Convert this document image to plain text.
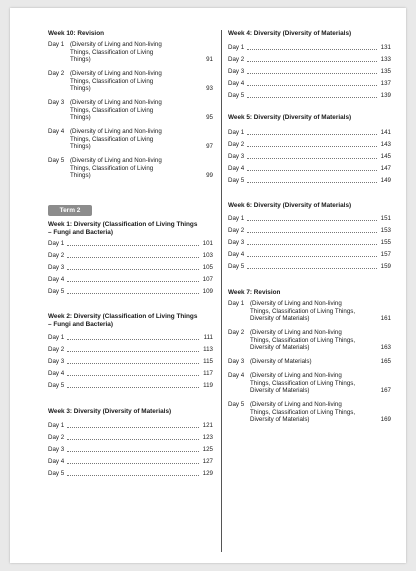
Week 10: Revision
Day 1 (Diversity of Living and Non-living
Things, Classification of Living
Things)	91
Day 2 (Diversity of Living and Non-living
Things, Classification of Living
Things)	93
Day 3 (Diversity of Living and Non-living
Things, Classification of Living
Things)	95
Day 4 (Diversity of Living and Non-living
Things, Classification of Living
Things)	97
Day 5 (Diversity of Living and Non-living
Things, Classification of Living
Things)	99
Term 2
Week 1: Diversity (Classification of Living Things
– Fungi and Bacteria)
Day 1	101
Day 2	103
Day 3	105
Day 4	107
Day 5	109
Week 2: Diversity (Classification of Living Things
– Fungi and Bacteria)
Day 1	111
Day 2	113
Day 3	115
Day 4	117
Day 5	119
Week 3: Diversity (Diversity of Materials)
Day 1	121
Day 2	123
Day 3	125
Day 4	127
Day 5	129
Week 4: Diversity (Diversity of Materials)
Day 1	131
Day 2	133
Day 3	135
Day 4	137
Day 5	139
Week 5: Diversity (Diversity of Materials)
Day 1	141
Day 2	143
Day 3	145
Day 4	147
Day 5	149
Week 6: Diversity (Diversity of Materials)
Day 1	151
Day 2	153
Day 3	155
Day 4	157
Day 5	159
Week 7: Revision
Day 1 (Diversity of Living and Non-living
Things, Classification of Living Things,
Diversity of Materials)	161
Day 2 (Diversity of Living and Non-living
Things, Classification of Living Things,
Diversity of Materials)	163
Day 3 (Diversity of Materials)	165
Day 4 (Diversity of Living and Non-living
Things, Classification of Living Things,
Diversity of Materials)	167
Day 5 (Diversity of Living and Non-living
Things, Classification of Living Things,
Diversity of Materials)	169
